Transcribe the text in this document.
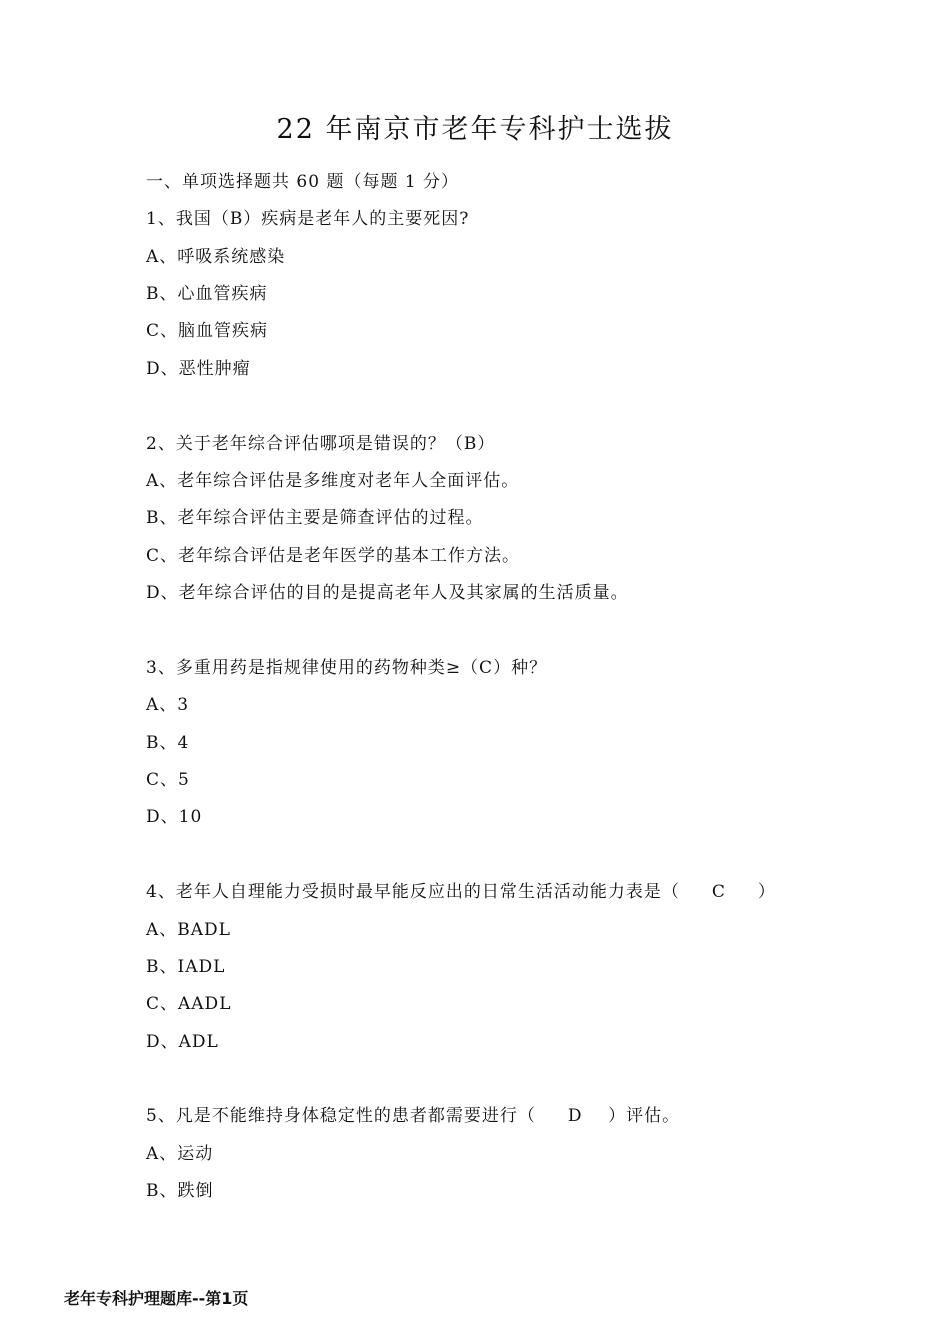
22 年南京市老年专科护士选拔
一、单项选择题共 60 题（每题 1 分）
1、我国（B）疾病是老年人的主要死因?
A、呼吸系统感染
B、心血管疾病
C、脑血管疾病
D、恶性肿瘤
2、关于老年综合评估哪项是错误的？（B）
A、老年综合评估是多维度对老年人全面评估。
B、老年综合评估主要是筛查评估的过程。
C、老年综合评估是老年医学的基本工作方法。
D、老年综合评估的目的是提高老年人及其家属的生活质量。
3、多重用药是指规律使用的药物种类≥（C）种？
A、3
B、4
C、5
D、10
4、老年人自理能力受损时最早能反应出的日常生活活动能力表是（     C     ）
A、BADL
B、IADL
C、AADL
D、ADL
5、凡是不能维持身体稳定性的患者都需要进行（     D    ）评估。
A、运动
B、跌倒
老年专科护理题库--第1页
